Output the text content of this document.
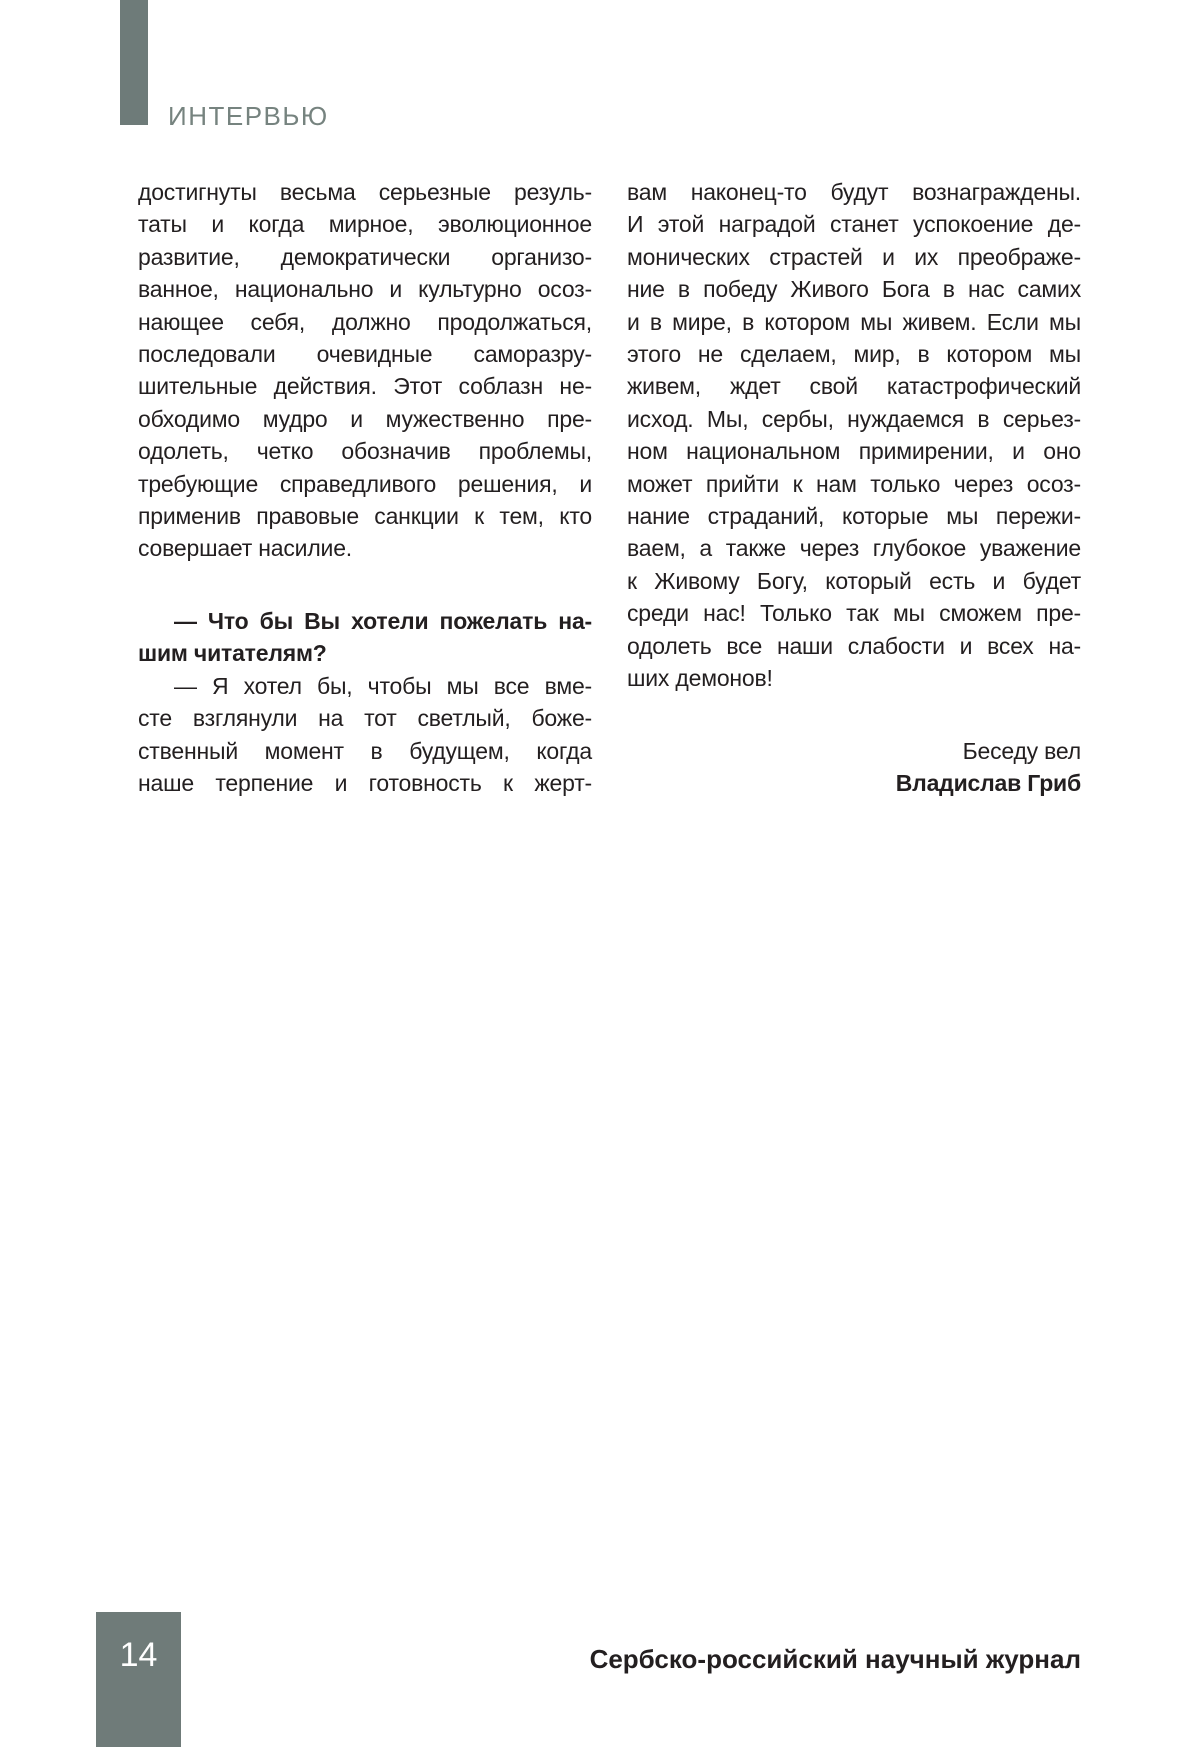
ИНТЕРВЬЮ
достигнуты весьма серьезные резуль-
таты и когда мирное, эволюционное
развитие, демократически организо-
ванное, национально и культурно осоз-
нающее себя, должно продолжаться,
последовали очевидные саморазру-
шительные действия. Этот соблазн не-
обходимо мудро и мужественно пре-
одолеть, четко обозначив проблемы,
требующие справедливого решения, и
применив правовые санкции к тем, кто
совершает насилие.
— Что бы Вы хотели пожелать на-
шим читателям?
— Я хотел бы, чтобы мы все вме-
сте взглянули на тот светлый, боже-
ственный момент в будущем, когда
наше терпение и готовность к жерт-
вам наконец-то будут вознаграждены.
И этой наградой станет успокоение де-
монических страстей и их преображе-
ние в победу Живого Бога в нас самих
и в мире, в котором мы живем. Если мы
этого не сделаем, мир, в котором мы
живем, ждет свой катастрофический
исход. Мы, сербы, нуждаемся в серьез-
ном национальном примирении, и оно
может прийти к нам только через осоз-
нание страданий, которые мы пережи-
ваем, а также через глубокое уважение
к Живому Богу, который есть и будет
среди нас! Только так мы сможем пре-
одолеть все наши слабости и всех на-
ших демонов!
Беседу вел
Владислав Гриб
14	Сербско-российский научный журнал
